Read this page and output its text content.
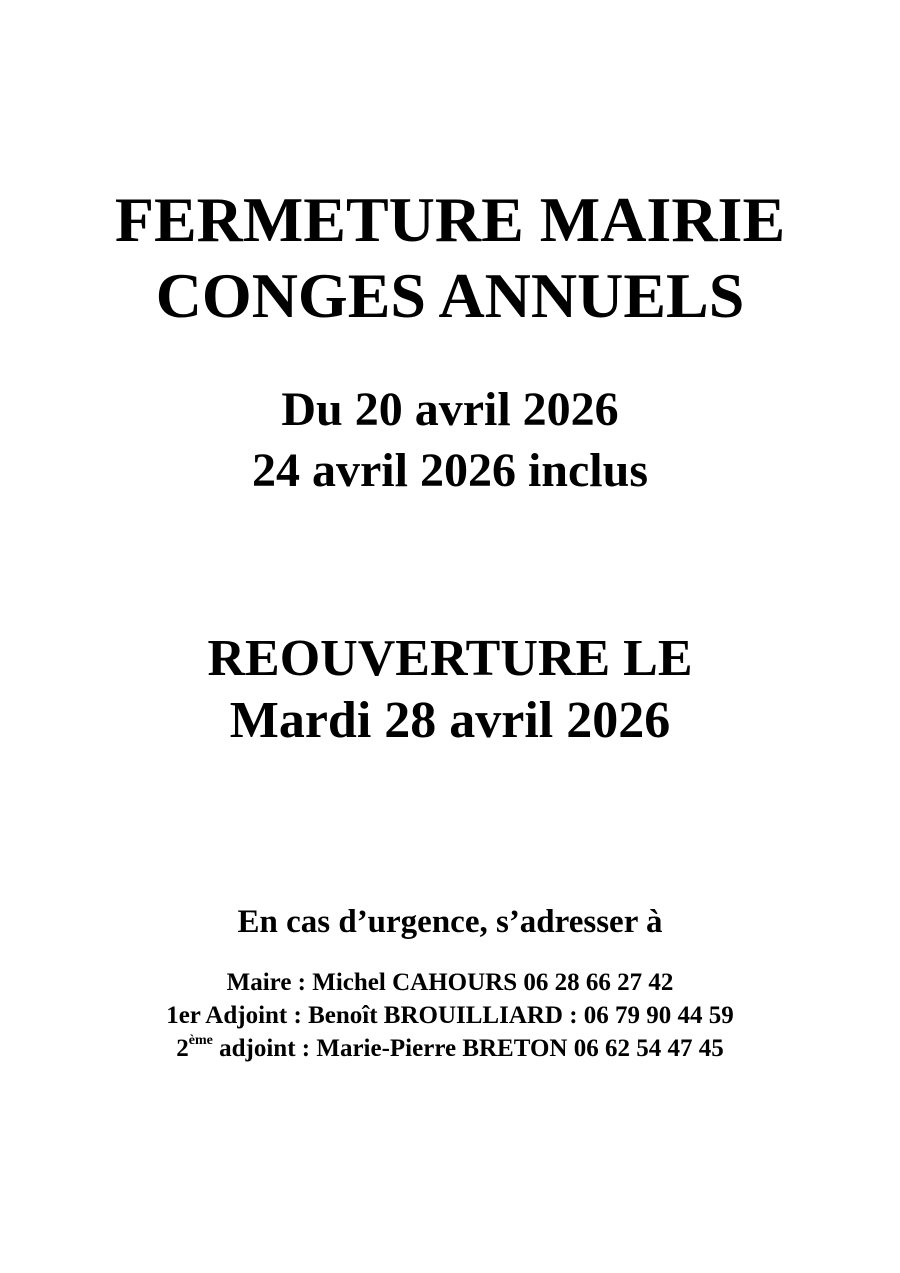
FERMETURE MAIRIE
CONGES ANNUELS
Du 20 avril 2026
24 avril 2026 inclus
REOUVERTURE LE
Mardi 28 avril 2026
En cas d’urgence, s’adresser à
Maire : Michel CAHOURS 06 28 66 27 42
1er Adjoint : Benoît BROUILLIARD : 06 79 90 44 59
2ème adjoint : Marie-Pierre BRETON 06 62 54 47 45
